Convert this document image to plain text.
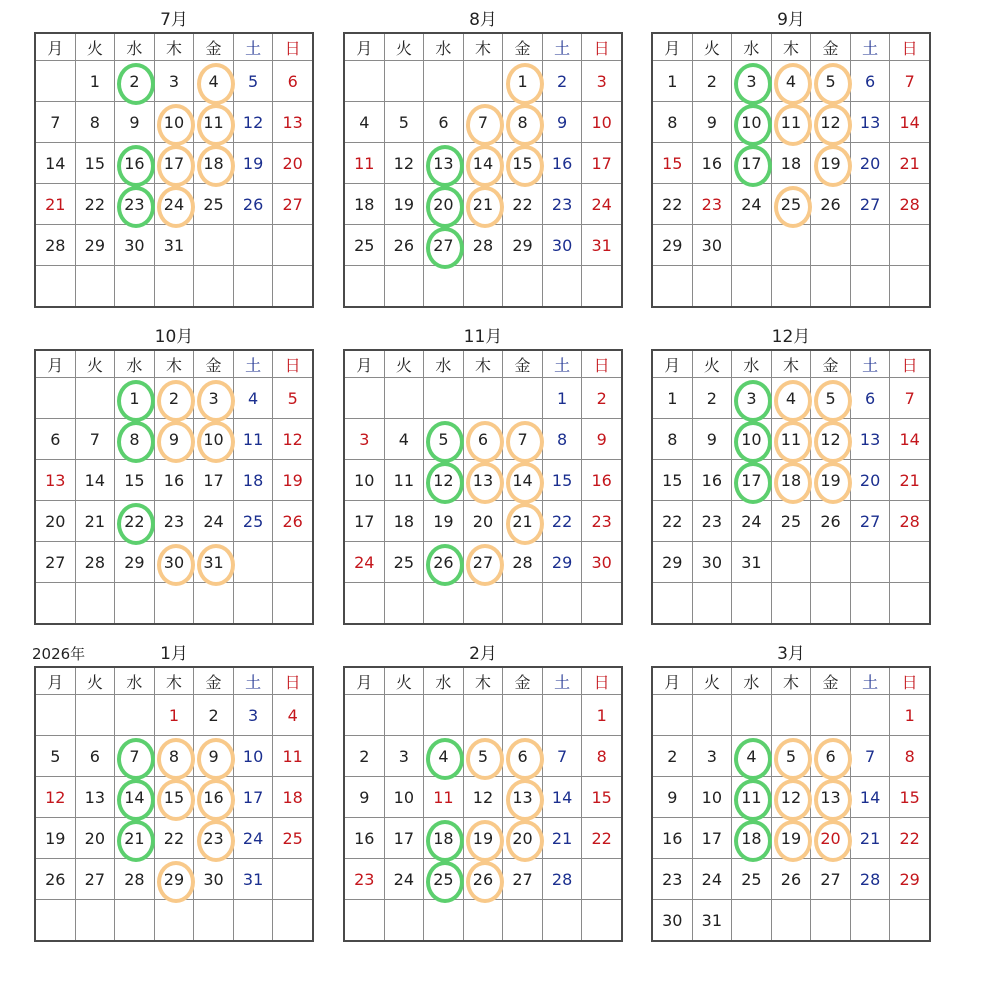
7月
月	火	水	木	金	土	日
	1	2	3	4	5	6
7	8	9	10	11	12	13
14	15	16	17	18	19	20
21	22	23	24	25	26	27
28	29	30	31			

8月
月	火	水	木	金	土	日
				1	2	3
4	5	6	7	8	9	10
11	12	13	14	15	16	17
18	19	20	21	22	23	24
25	26	27	28	29	30	31

9月
月	火	水	木	金	土	日
1	2	3	4	5	6	7
8	9	10	11	12	13	14
15	16	17	18	19	20	21
22	23	24	25	26	27	28
29	30					

10月
月	火	水	木	金	土	日
		1	2	3	4	5
6	7	8	9	10	11	12
13	14	15	16	17	18	19
20	21	22	23	24	25	26
27	28	29	30	31		

11月
月	火	水	木	金	土	日
					1	2
3	4	5	6	7	8	9
10	11	12	13	14	15	16
17	18	19	20	21	22	23
24	25	26	27	28	29	30

12月
月	火	水	木	金	土	日
1	2	3	4	5	6	7
8	9	10	11	12	13	14
15	16	17	18	19	20	21
22	23	24	25	26	27	28
29	30	31				

2026年	1月
月	火	水	木	金	土	日
			1	2	3	4
5	6	7	8	9	10	11
12	13	14	15	16	17	18
19	20	21	22	23	24	25
26	27	28	29	30	31	

2月
月	火	水	木	金	土	日
						1
2	3	4	5	6	7	8
9	10	11	12	13	14	15
16	17	18	19	20	21	22
23	24	25	26	27	28	

3月
月	火	水	木	金	土	日
						1
2	3	4	5	6	7	8
9	10	11	12	13	14	15
16	17	18	19	20	21	22
23	24	25	26	27	28	29
30	31					
